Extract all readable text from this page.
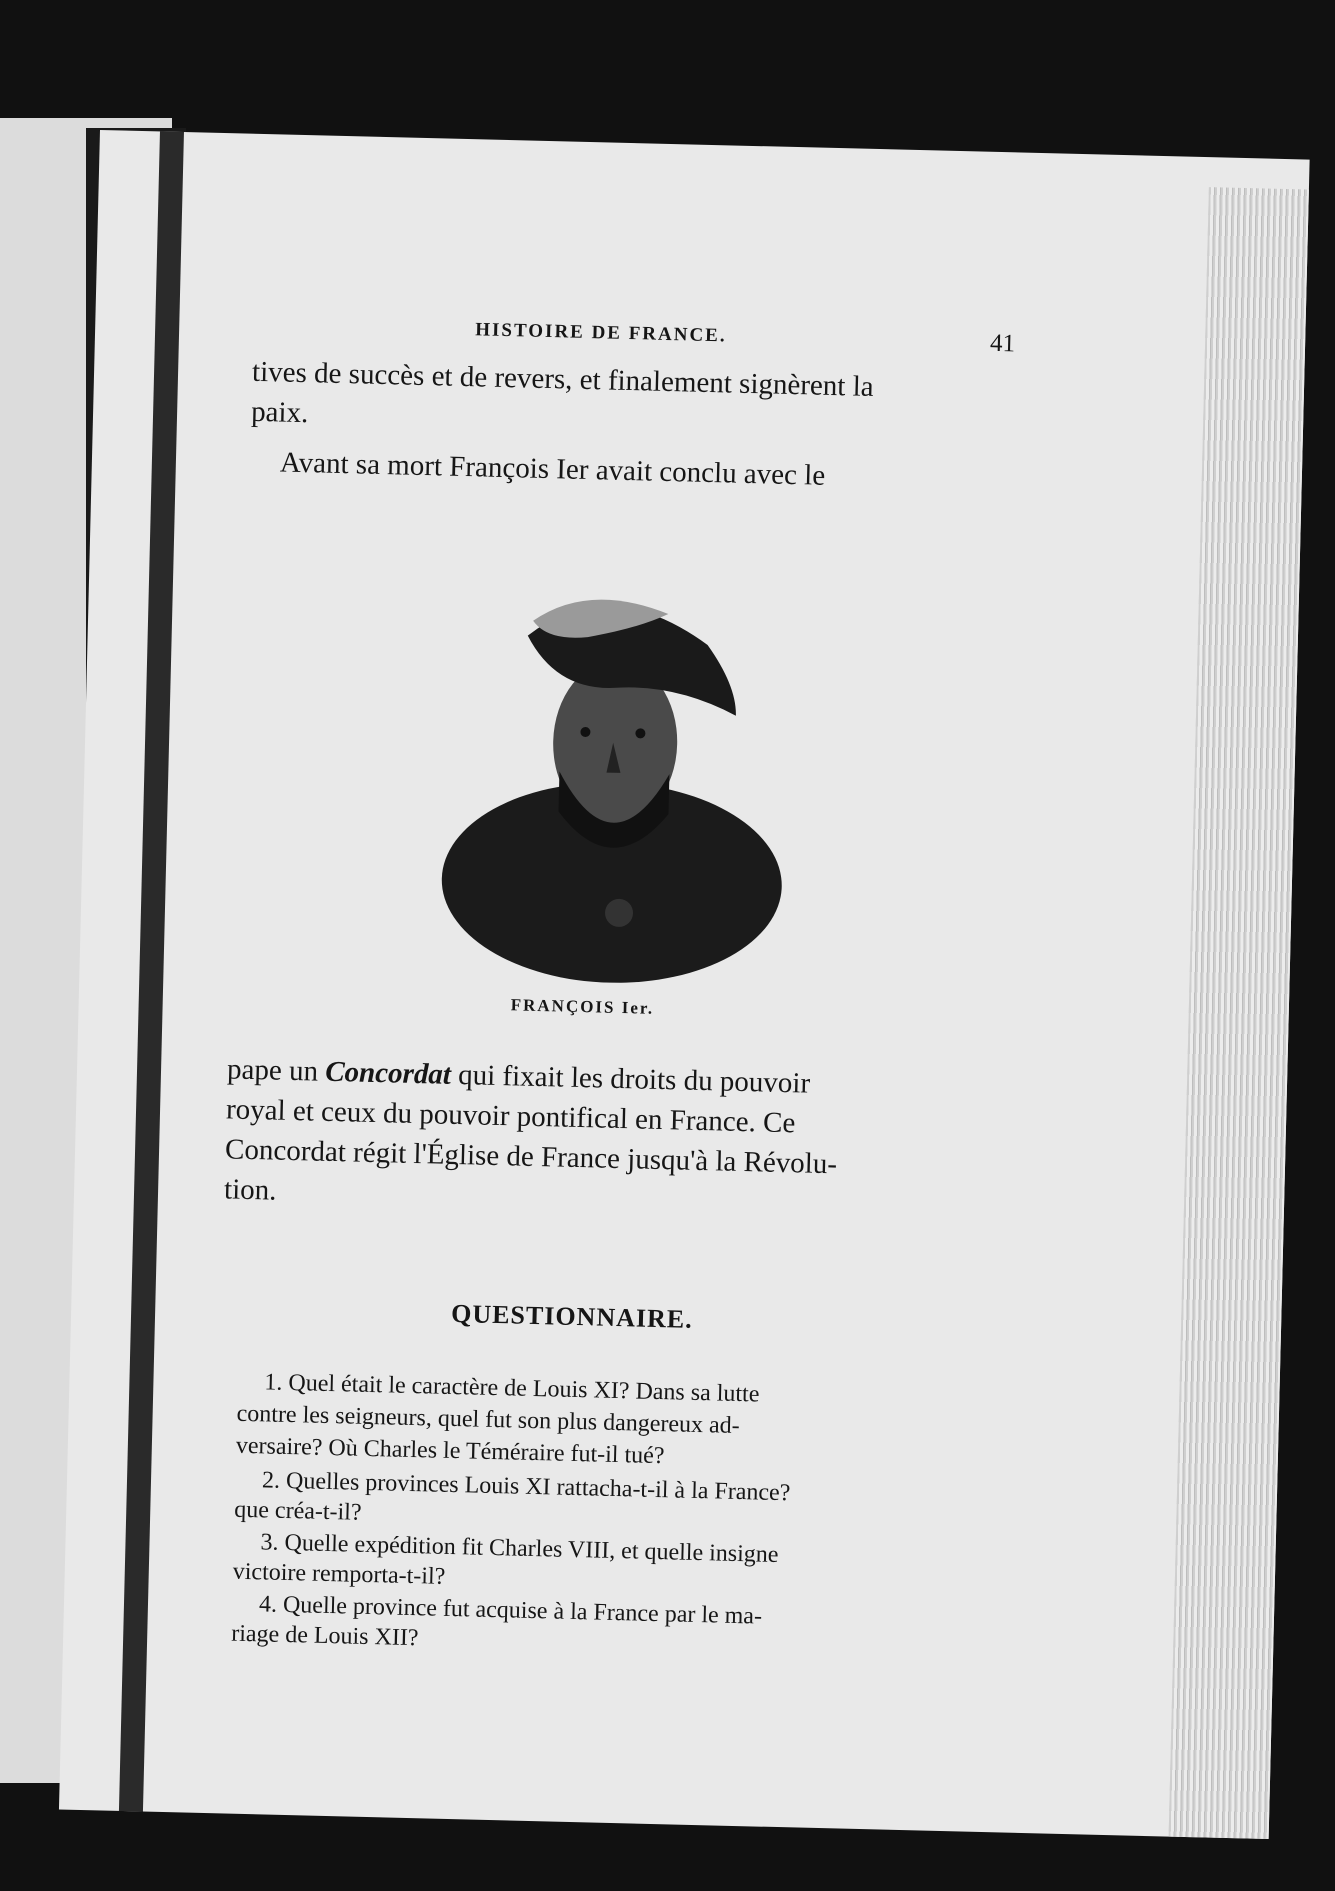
HISTOIRE DE FRANCE.	41
tives de succès et de revers, et finalement signèrent la
paix.
Avant sa mort François Ier avait conclu avec le
FRANÇOIS Ier.
pape un Concordat qui fixait les droits du pouvoir
royal et ceux du pouvoir pontifical en France. Ce
Concordat régit l'Église de France jusqu'à la Révolu-
tion.
QUESTIONNAIRE.
1. Quel était le caractère de Louis XI? Dans sa lutte
contre les seigneurs, quel fut son plus dangereux ad-
versaire? Où Charles le Téméraire fut-il tué?
2. Quelles provinces Louis XI rattacha-t-il à la France?
que créa-t-il?
3. Quelle expédition fit Charles VIII, et quelle insigne
victoire remporta-t-il?
4. Quelle province fut acquise à la France par le ma-
riage de Louis XII?
